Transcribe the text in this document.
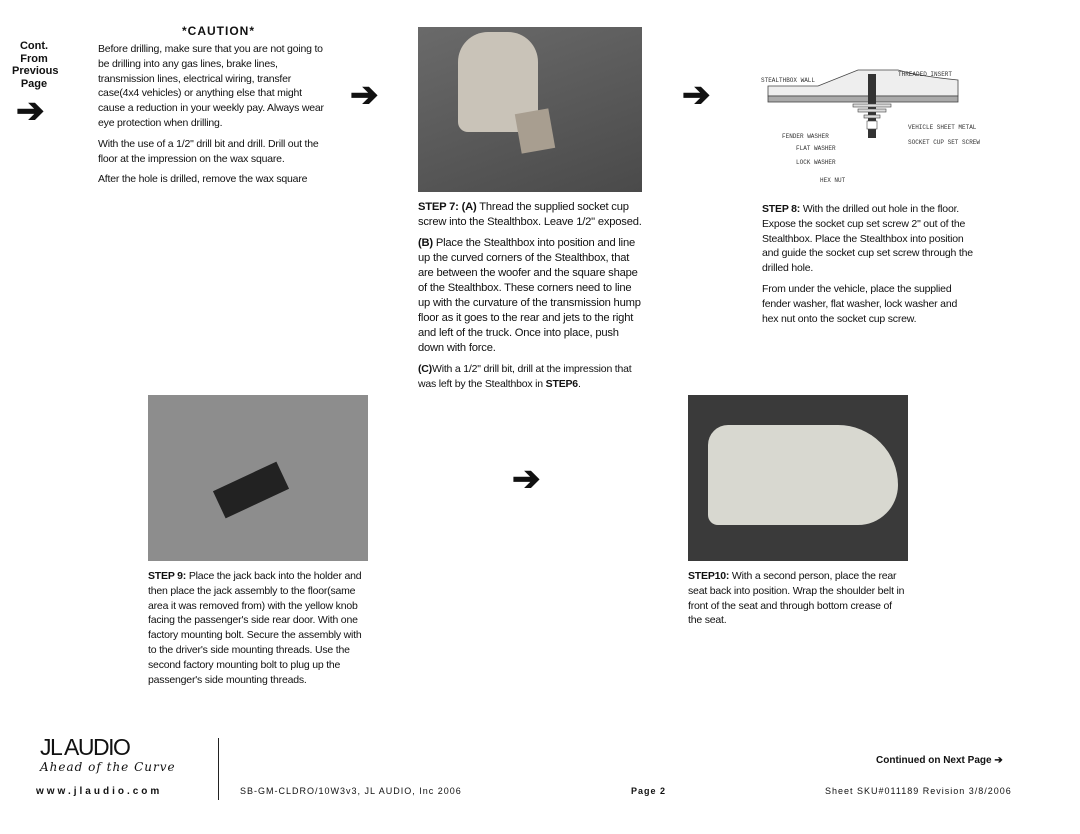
Cont.
From
Previous
Page
➔
*CAUTION*

Before drilling, make sure that you are not going to be drilling into any gas lines, brake lines, transmission lines, electrical wiring, transfer case(4x4 vehicles) or anything else that might cause a reduction in your weekly pay. Always wear eye protection when drilling.

With the use of a 1/2" drill bit and drill. Drill out the floor at the impression on the wax square.

After the hole is drilled, remove the wax square

➔

STEP 7: (A) Thread the supplied socket cup screw into the Stealthbox. Leave 1/2" exposed.

(B) Place the Stealthbox into position and line up the curved corners of the Stealthbox, that are between the woofer and the square shape of the Stealthbox. These corners need to line up with the curvature of the transmission hump floor as it goes to the rear and jets to the right and left of the truck. Once into place, push down with force.

(C)With a 1/2" drill bit, drill at the impression that was left by the Stealthbox in STEP6.

➔	STEALTHBOX WALL
THREADED INSERT
VEHICLE SHEET METAL
FENDER WASHER
SOCKET CUP SET SCREW
FLAT WASHER
LOCK WASHER
HEX NUT

STEP 8: With the drilled out hole in the floor. Expose the socket cup set screw 2" out of the Stealthbox. Place the Stealthbox into position and guide the socket cup set screw through the drilled hole.

From under the vehicle, place the supplied fender washer, flat washer, lock washer and hex nut onto the socket cup screw.

➔
STEP 9: Place the jack back into the holder and then place the jack assembly to the floor(same area it was removed from) with the yellow knob facing the passenger's side rear door. With one factory mounting bolt. Secure the assembly with to the driver's side mounting threads. Use the second factory mounting bolt to plug up the passenger's side mounting threads.
STEP10: With a second person, place the rear seat back into position. Wrap the shoulder belt in front of the seat and through bottom crease of the seat.
JL AUDIO
Ahead of the Curve
www.jlaudio.com	SB-GM-CLDRO/10W3v3, JL AUDIO, Inc 2006	Page 2	Sheet SKU#011189 Revision 3/8/2006
Continued on Next Page ➔
